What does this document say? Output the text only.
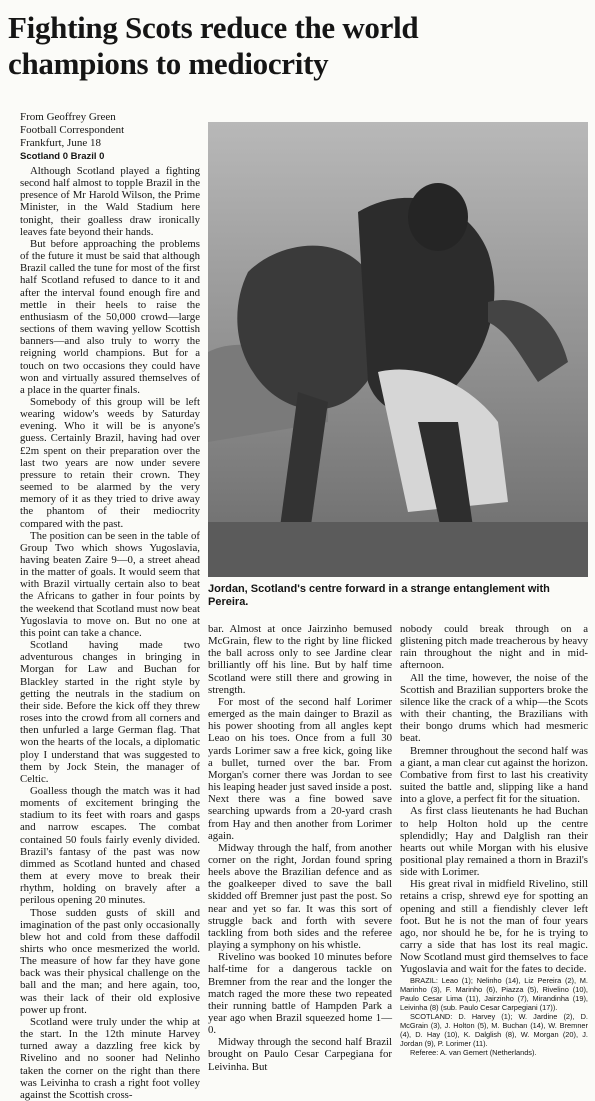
Fighting Scots reduce the world
champions to mediocrity
From Geoffrey Green
Football Correspondent
Frankfurt, June 18
Scotland 0 Brazil 0
Jordan, Scotland's centre forward in a strange entanglement with Pereira.

Although Scotland played a fighting second half almost to topple Brazil in the presence of Mr Harold Wilson, the Prime Minister, in the Wald Stadium here tonight, their goalless draw ironically leaves fate beyond their hands.

But before approaching the problems of the future it must be said that although Brazil called the tune for most of the first half Scotland refused to dance to it and after the interval found enough fire and mettle in their heels to raise the enthusiasm of the 50,000 crowd—large sections of them waving yellow Scottish banners—and also truly to worry the reigning world champions. But for a touch on two occasions they could have won and virtually assured themselves of a place in the quarter finals.

Somebody of this group will be left wearing widow's weeds by Saturday evening. Who it will be is anyone's guess. Certainly Brazil, having had over £2m spent on their preparation over the last two years are now under severe pressure to retain their crown. They seemed to be alarmed by the very memory of it as they tried to drive away the phantom of their mediocrity compared with the past.

The position can be seen in the table of Group Two which shows Yugoslavia, having beaten Zaire 9—0, a street ahead in the matter of goals. It would seem that with Brazil virtually certain also to beat the Africans to gather in four points by the weekend that Scotland must now beat Yugoslavia to move on. But no one at this point can take a chance.

Scotland having made two adventurous changes in bringing in Morgan for Law and Buchan for Blackley started in the right style by getting the neutrals in the stadium on their side. Before the kick off they threw roses into the crowd from all corners and then unfurled a large German flag. That won the hearts of the locals, a diplomatic ploy I understand that was suggested to them by Jock Stein, the manager of Celtic.

Goalless though the match was it had moments of excitement bringing the stadium to its feet with roars and gasps and narrow escapes. The combat contained 50 fouls fairly evenly divided. Brazil's fantasy of the past was now dimmed as Scotland hunted and chased them at every move to break their rhythm, holding on bravely after a perilous opening 20 minutes.

Those sudden gusts of skill and imagination of the past only occasionally blew hot and cold from these daffodil shirts who once mesmerized the world. The measure of how far they have gone back was their physical challenge on the ball and the man; and here again, too, was their lack of their old explosive power up front.

Scotland were truly under the whip at the start. In the 12th minute Harvey turned away a dazzling free kick by Rivelino and no sooner had Nelinho taken the corner on the right than there was Leivinha to crash a right foot volley against the Scottish cross-

bar. Almost at once Jairzinho bemused McGrain, flew to the right by line flicked the ball across only to see Jardine clear brilliantly off his line. But by half time Scotland were still there and growing in strength.

For most of the second half Lorimer emerged as the main dainger to Brazil as his power shooting from all angles kept Leao on his toes. Once from a full 30 yards Lorimer saw a free kick, going like a bullet, turned over the bar. From Morgan's corner there was Jordan to see his leaping header just saved inside a post. Next there was a fine bowed save searching upwards from a 20-yard crash from Hay and then another from Lorimer again.

Midway through the half, from another corner on the right, Jordan found spring heels above the Brazilian defence and as the goalkeeper dived to save the ball skidded off Bremner just past the post. So near and yet so far. It was this sort of struggle back and forth with severe tackling from both sides and the referee playing a symphony on his whistle.

Rivelino was booked 10 minutes before half-time for a dangerous tackle on Bremner from the rear and the longer the match raged the more these two repeated their running battle of Hampden Park a year ago when Brazil squeezed home 1—0.

Midway through the second half Brazil brought on Paulo Cesar Carpegiana for Leivinha. But

nobody could break through on a glistening pitch made treacherous by heavy rain throughout the night and in mid-afternoon.

All the time, however, the noise of the Scottish and Brazilian supporters broke the silence like the crack of a whip—the Scots with their chanting, the Brazilians with their bongo drums which had mesmeric beat.

Bremner throughout the second half was a giant, a man clear cut against the horizon. Combative from first to last his creativity suited the battle and, slipping like a hand into a glove, a perfect fit for the situation.

As first class lieutenants he had Buchan to help Holton hold up the centre splendidly; Hay and Dalglish ran their hearts out while Morgan with his elusive positional play remained a thorn in Brazil's side with Lorimer.

His great rival in midfield Rivelino, still retains a crisp, shrewd eye for spotting an opening and still a fiendishly clever left foot. But he is not the man of four years ago, nor should he be, for he is trying to carry a side that has lost its real magic. Now Scotland must gird themselves to face Yugoslavia and wait for the fates to decide.

BRAZIL: Leao (1); Nelinho (14), Liz Pereira (2), M. Marinho (3), F. Marinho (6), Piazza (5), Rivelino (10), Paulo Cesar Lima (11), Jairzinho (7), Mirandinha (19), Leivinha (8) (sub. Paulo Cesar Carpegiani (17)).

SCOTLAND: D. Harvey (1); W. Jardine (2), D. McGrain (3), J. Holton (5), M. Buchan (14), W. Bremner (4), D. Hay (10), K. Dalglish (8), W. Morgan (20), J. Jordan (9), P. Lorimer (11).

Referee: A. van Gemert (Netherlands).
